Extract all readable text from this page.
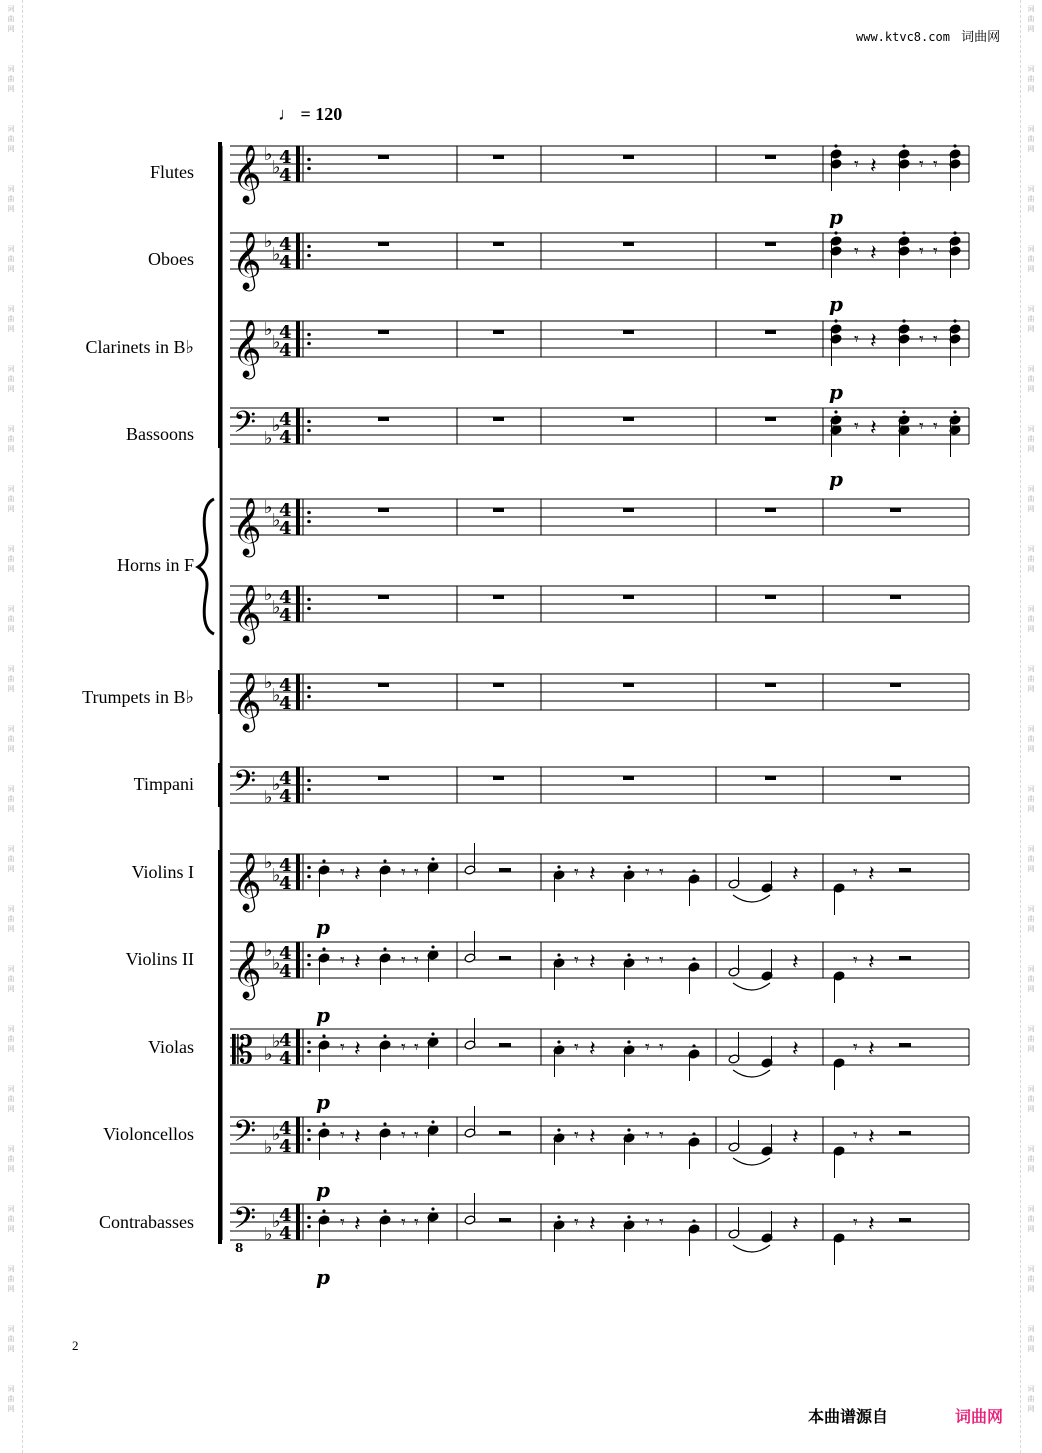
词
曲
网
词
曲
网
词
曲
网
词
曲
网
词
曲
网
词
曲
网
词
曲
网
词
曲
网
词
曲
网
词
曲
网
词
曲
网
词
曲
网
词
曲
网
词
曲
网
词
曲
网
词
曲
网
词
曲
网
词
曲
网
词
曲
网
词
曲
网
词
曲
网
词
曲
网
词
曲
网
词
曲
网
词
曲
网
词
曲
网
词
曲
网
词
曲
网
词
曲
网
词
曲
网
词
曲
网
词
曲
网
词
曲
网
词
曲
网
词
曲
网
词
曲
网
词
曲
网
词
曲
网
词
曲
网
词
曲
网
词
曲
网
词
曲
网
词
曲
网
词
曲
网
词
曲
网
词
曲
网
词
曲
网
词
曲
网
www.ktvc8.com 词曲网
♩ = 120
Flutes
Oboes
Clarinets in B♭
Bassoons
Horns in F
Trumpets in B♭
Timpani
Violins I
Violins II
Violas
Violoncellos
Contrabasses
𝄞 ♭
♭
4
4
𝄞 ♭
♭
4
4
𝄞 ♭
♭
4
4
𝄢 ♭
♭
4
4
𝄞 ♭
♭
4
4
𝄞 ♭
♭
4
4
𝄞 ♭
♭
4
4
𝄢 ♭
♭
4
4
𝄞 ♭
♭
4
4
𝄞 ♭
♭
4
4
𝄡 ♭
♭
4
4
𝄢 ♭
♭
4
4
𝄢 ♭
♭
4
4
𝄾 𝄽 𝄾 𝄾
p
𝄾 𝄽 𝄾 𝄾
p
𝄾 𝄽 𝄾 𝄾
p
𝄾 𝄽 𝄾 𝄾
p
𝄾 𝄽 𝄾 𝄾	𝄾 𝄽	𝄾 𝄾	𝄽	𝄾 𝄽
p
𝄾 𝄽 𝄾 𝄾	𝄾 𝄽	𝄾 𝄾	𝄽	𝄾 𝄽
p
𝄾 𝄽 𝄾 𝄾	𝄾 𝄽	𝄾 𝄾	𝄽	𝄾 𝄽
p
𝄾 𝄽 𝄾 𝄾	𝄾 𝄽	𝄾 𝄾	𝄽	𝄾 𝄽
p
𝄾 𝄽 𝄾 𝄾	𝄾 𝄽	𝄾 𝄾	𝄽	𝄾 𝄽
p
8
2
本曲谱源自	词曲网
